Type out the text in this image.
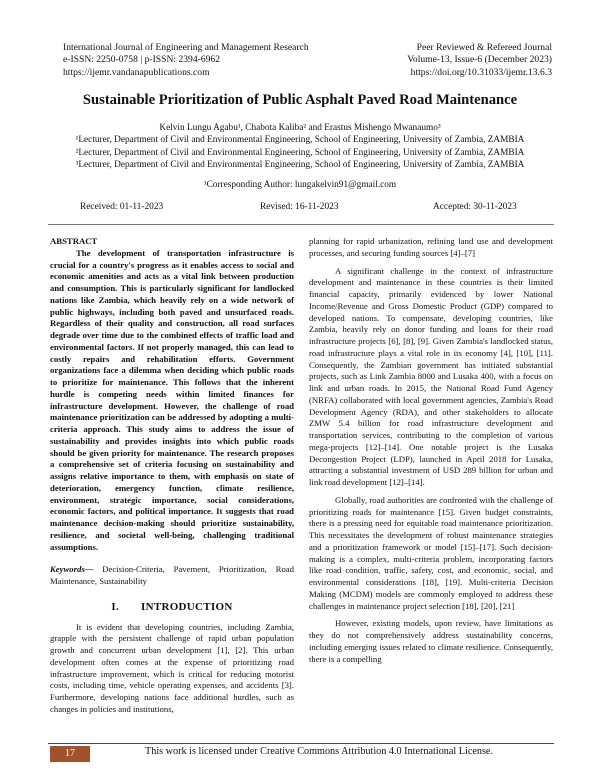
International Journal of Engineering and Management Research
e-ISSN: 2250-0758 | p-ISSN: 2394-6962
https://ijemr.vandanapublications.com
Peer Reviewed & Refereed Journal
Volume-13, Issue-6 (December 2023)
https://doi.org/10.31033/ijemr.13.6.3
Sustainable Prioritization of Public Asphalt Paved Road Maintenance
Kelvin Lungu Agabu¹, Chabota Kaliba² and Erastus Mishengo Mwanaumo³
¹Lecturer, Department of Civil and Environmental Engineering, School of Engineering, University of Zambia, ZAMBIA
²Lecturer, Department of Civil and Environmental Engineering, School of Engineering, University of Zambia, ZAMBIA
³Lecturer, Department of Civil and Environmental Engineering, School of Engineering, University of Zambia, ZAMBIA
¹Corresponding Author: lungakelvin91@gmail.com
Received: 01-11-2023	Revised: 16-11-2023	Accepted: 30-11-2023

ABSTRACT

The development of transportation infrastructure is crucial for a country's progress as it enables access to social and economic amenities and acts as a vital link between production and consumption. This is particularly significant for landlocked nations like Zambia, which heavily rely on a wide network of public highways, including both paved and unsurfaced roads. Regardless of their quality and construction, all road surfaces degrade over time due to the combined effects of traffic load and environmental factors. If not properly managed, this can lead to costly repairs and rehabilitation efforts. Government organizations face a dilemma when deciding which public roads to prioritize for maintenance. This follows that the inherent hurdle is competing needs within limited finances for infrastructure development. However, the challenge of road maintenance prioritization can be addressed by adopting a multi-criteria approach. This study aims to address the issue of sustainability and provides insights into which public roads should be given priority for maintenance. The research proposes a comprehensive set of criteria focusing on sustainability and assigns relative importance to them, with emphasis on state of deterioration, emergency function, climate resilience, environment, strategic importance, social considerations, economic factors, and political importance. It suggests that road maintenance decision-making should prioritize sustainability, resilience, and societal well-being, challenging traditional assumptions.

Keywords— Decision-Criteria, Pavement, Prioritization, Road Maintenance, Sustainability

I. INTRODUCTION

It is evident that developing countries, including Zambia, grapple with the persistent challenge of rapid urban population growth and concurrent urban development [1], [2]. This urban development often comes at the expense of prioritizing road infrastructure improvement, which is critical for reducing motorist costs, including time, vehicle operating expenses, and accidents [3]. Furthermore, developing nations face additional hurdles, such as changes in policies and institutions,

planning for rapid urbanization, refining land use and development processes, and securing funding sources [4]–[7]

A significant challenge in the context of infrastructure development and maintenance in these countries is their limited financial capacity, primarily evidenced by lower National Income/Revenue and Gross Domestic Product (GDP) compared to developed nations. To compensate, developing countries, like Zambia, heavily rely on donor funding and loans for their road infrastructure projects [6], [8], [9]. Given Zambia's landlocked status, road infrastructure plays a vital role in its economy [4], [10], [11]. Consequently, the Zambian government has initiated substantial projects, such as Link Zambia 8000 and Lusaka 400, with a focus on link and urban roads. In 2015, the National Road Fund Agency (NRFA) collaborated with local government agencies, Zambia's Road Development Agency (RDA), and other stakeholders to allocate ZMW 5.4 billion for road infrastructure development and transportation services, contributing to the completion of various mega-projects [12]–[14]. One notable project is the Lusaka Decongestion Project (LDP), launched in April 2018 for Lusaka, attracting a substantial investment of USD 289 billion for urban and link road development [12]–[14].

Globally, road authorities are confronted with the challenge of prioritizing roads for maintenance [15]. Given budget constraints, there is a pressing need for equitable road maintenance prioritization. This necessitates the development of robust maintenance strategies and a prioritization framework or model [15]–[17]. Such decision-making is a complex, multi-criteria problem, incorporating factors like road condition, traffic, safety, cost, and economic, social, and environmental considerations [18], [19]. Multi-criteria Decision Making (MCDM) models are commonly employed to address these challenges in maintenance project selection [18], [20], [21]

However, existing models, upon review, have limitations as they do not comprehensively address sustainability concerns, including emerging issues related to climate resilience. Consequently, there is a compelling

17	This work is licensed under Creative Commons Attribution 4.0 International License.
